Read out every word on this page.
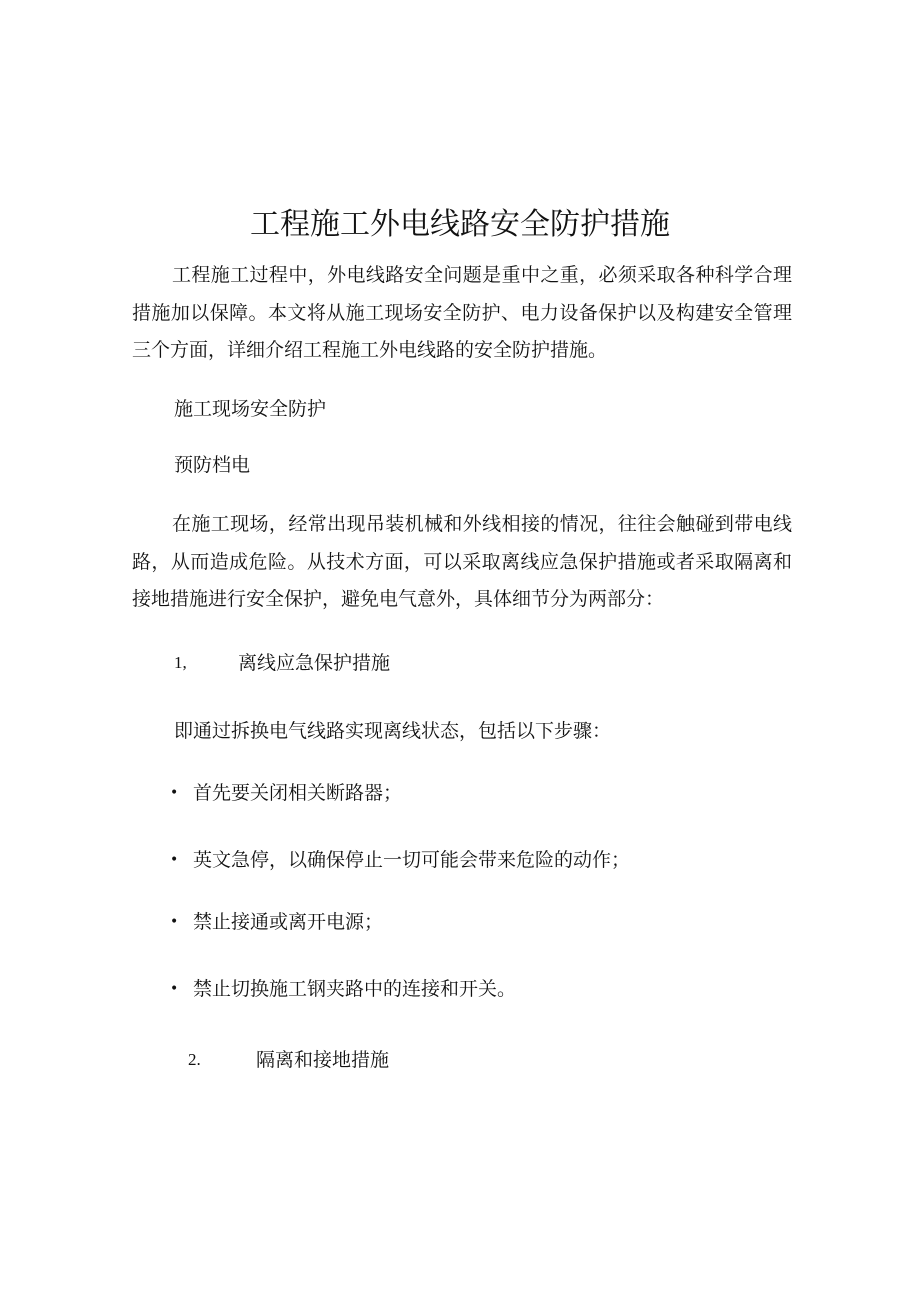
工程施工外电线路安全防护措施

工程施工过程中，外电线路安全问题是重中之重，必须采取各种科学合理措施加以保障。本文将从施工现场安全防护、电力设备保护以及构建安全管理三个方面，详细介绍工程施工外电线路的安全防护措施。

施工现场安全防护

预防档电

在施工现场，经常出现吊装机械和外线相接的情况，往往会触碰到带电线路，从而造成危险。从技术方面，可以采取离线应急保护措施或者采取隔离和接地措施进行安全保护，避免电气意外，具体细节分为两部分：

1,	离线应急保护措施

即通过拆换电气线路实现离线状态，包括以下步骤：

• 首先要关闭相关断路器；
• 英文急停，以确保停止一切可能会带来危险的动作；
• 禁止接通或离开电源；
• 禁止切换施工钢夹路中的连接和开关。
2.	隔离和接地措施
